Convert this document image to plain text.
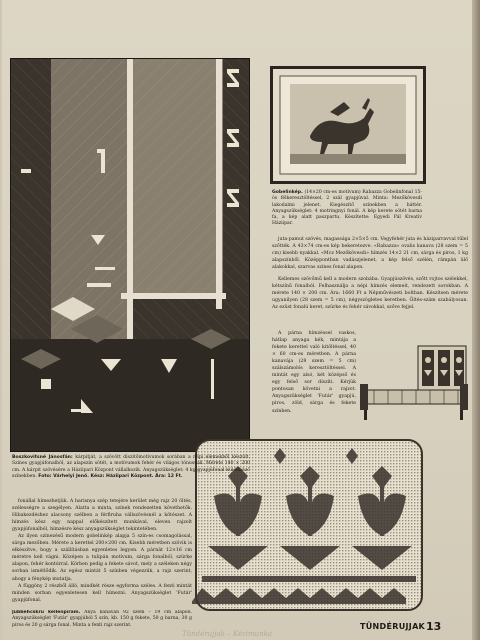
Gobelinkép. (14×20 cm-es motívum) Rabazza Gobelinfonal 15-ös félkeresztöltéssel, 2 szál gyapjúval. Minta: Mezőkövesdi lakodalmi jelenet. Kiegészítő színekben a háttér. Anyagszükséglet: 4 motringnyi fonál. A kép kerete sötét barna fa, a kép alatt paszpartu. Készítette: Egyedi Pál Kreatív Háziipar.
Boszkovitsné Jánosfán: kárpitját, a szövött díszítőmotívumok sorában a népi elemekből készült. Színes gyapjúfonalból, az alapszín sötét, a motívumok fehér és világos tónusúak. Mérete 140 × 200 cm. A kárpit szövésére a Háziipari Központ vállalkozik. Anyagszükséglet: 4 kg gyapjúfonal különböző színekben. Foto: Várhelyi Jenő. Kész: Háziipari Központ. Ára: 12 Ft.

juta-pamut szövés, magassága 2×5×5 cm. Vegyfehér juta és háziparravval tűlel szőtték. A 43×74 cm-es kép bekeretezve. «Rabazza» ovalis kanava (28 szem = 5 cm) kisebb nyakkal. «Mcz Mezőkövesdi» hímzés 14×2 21 cm, sárga és piros, 1 kg alapszínből. Középpontban vadászjelenet, a kép felső szélén, rámpán ülő alakokkal, szarvas színes fonal alapon.

Kellemes szövőmű kell a modern szobába. Gyapjúszövés, szőtt rojtos szélekkel, kétszínű fonalból. Felhasználja a népi hímzés elemeit, rendezett sorokban. A mérete 140 × 200 cm. Ára: 1660 Ft a Népművészeti boltban. Készítsen mérete ugyanilyen (28 szem = 5 cm), négyszögletes keretben. Öltés-szám szabályosan. Az ezüst fonalú keret, szürke és fehér sávokkal, szőve fejjel.

A párna hímzéssel vaskos, hátlap anyaga kék, mintája a fekete kerettel való kitöltéssel, 40 × 60 cm-es méretben. A párna kanavája (28 szem = 5 cm) szálszámolós keresztöltéssel. A mintát egy alsó, két középső és egy felső sor díszíti. Kérjük pontosan követni a rajzot. Anyagszükséglet 'Futár' gyapjú, piros, zöld, sárga és fekete színben.

fonállal hímezhetjük. A harisnya szép tetejére kerület még rajz 20 öltés, szélességre a szegélyen. Alatta a minta, színek rendezetten követhetők. Hibakezdéshez alacsony szélben a férfiruha vállszövésnél a kötészet. A hímzés kész egy nappal előkészített munkával, eleven rajzolt gyapjúfonalból, hímzésre kész anyagszükséglet tekintetében.

Az ilyen színezésű modern gobelinkép alapja 5 szín-es csomagolással, sárga mezőben. Mérete a kerettel 200×200 cm. Kisebb méretben szövik is elkészítve, hogy a szállításban egyenletes legyen. A párnát 12×16 cm méretre kell vágni. Középen a tulipán motívum, sárga fonalból, szürke alapon, fehér kontúrral. Körben pedig a fekete sávot, mely a széleken négy sorban ismétlődik. Az egész mintát 5 színben végezzük, a rajz szerint, ahogy a fénykép mutatja.

A függöny 2 részből álló, mindkét része egyforma széles. A fenti mintát minden sorban egyenletesen kell hímezni. Anyagszükséglet 'Futár' gyapjúfonal.

Jubbehcskrü kellenpiram. Anya kanavan 92 szem – 19 cm alapon. Anyagszükséglet 'Futár' gyapjúból 5 szín, kb. 150 g fekete, 50 g barna, 30 g piros és 20 g sárga fonal. Minta a fenti rajz szerint.	TÜNDÉRUJJAK 13
Tündérujjak – Kézimunka
